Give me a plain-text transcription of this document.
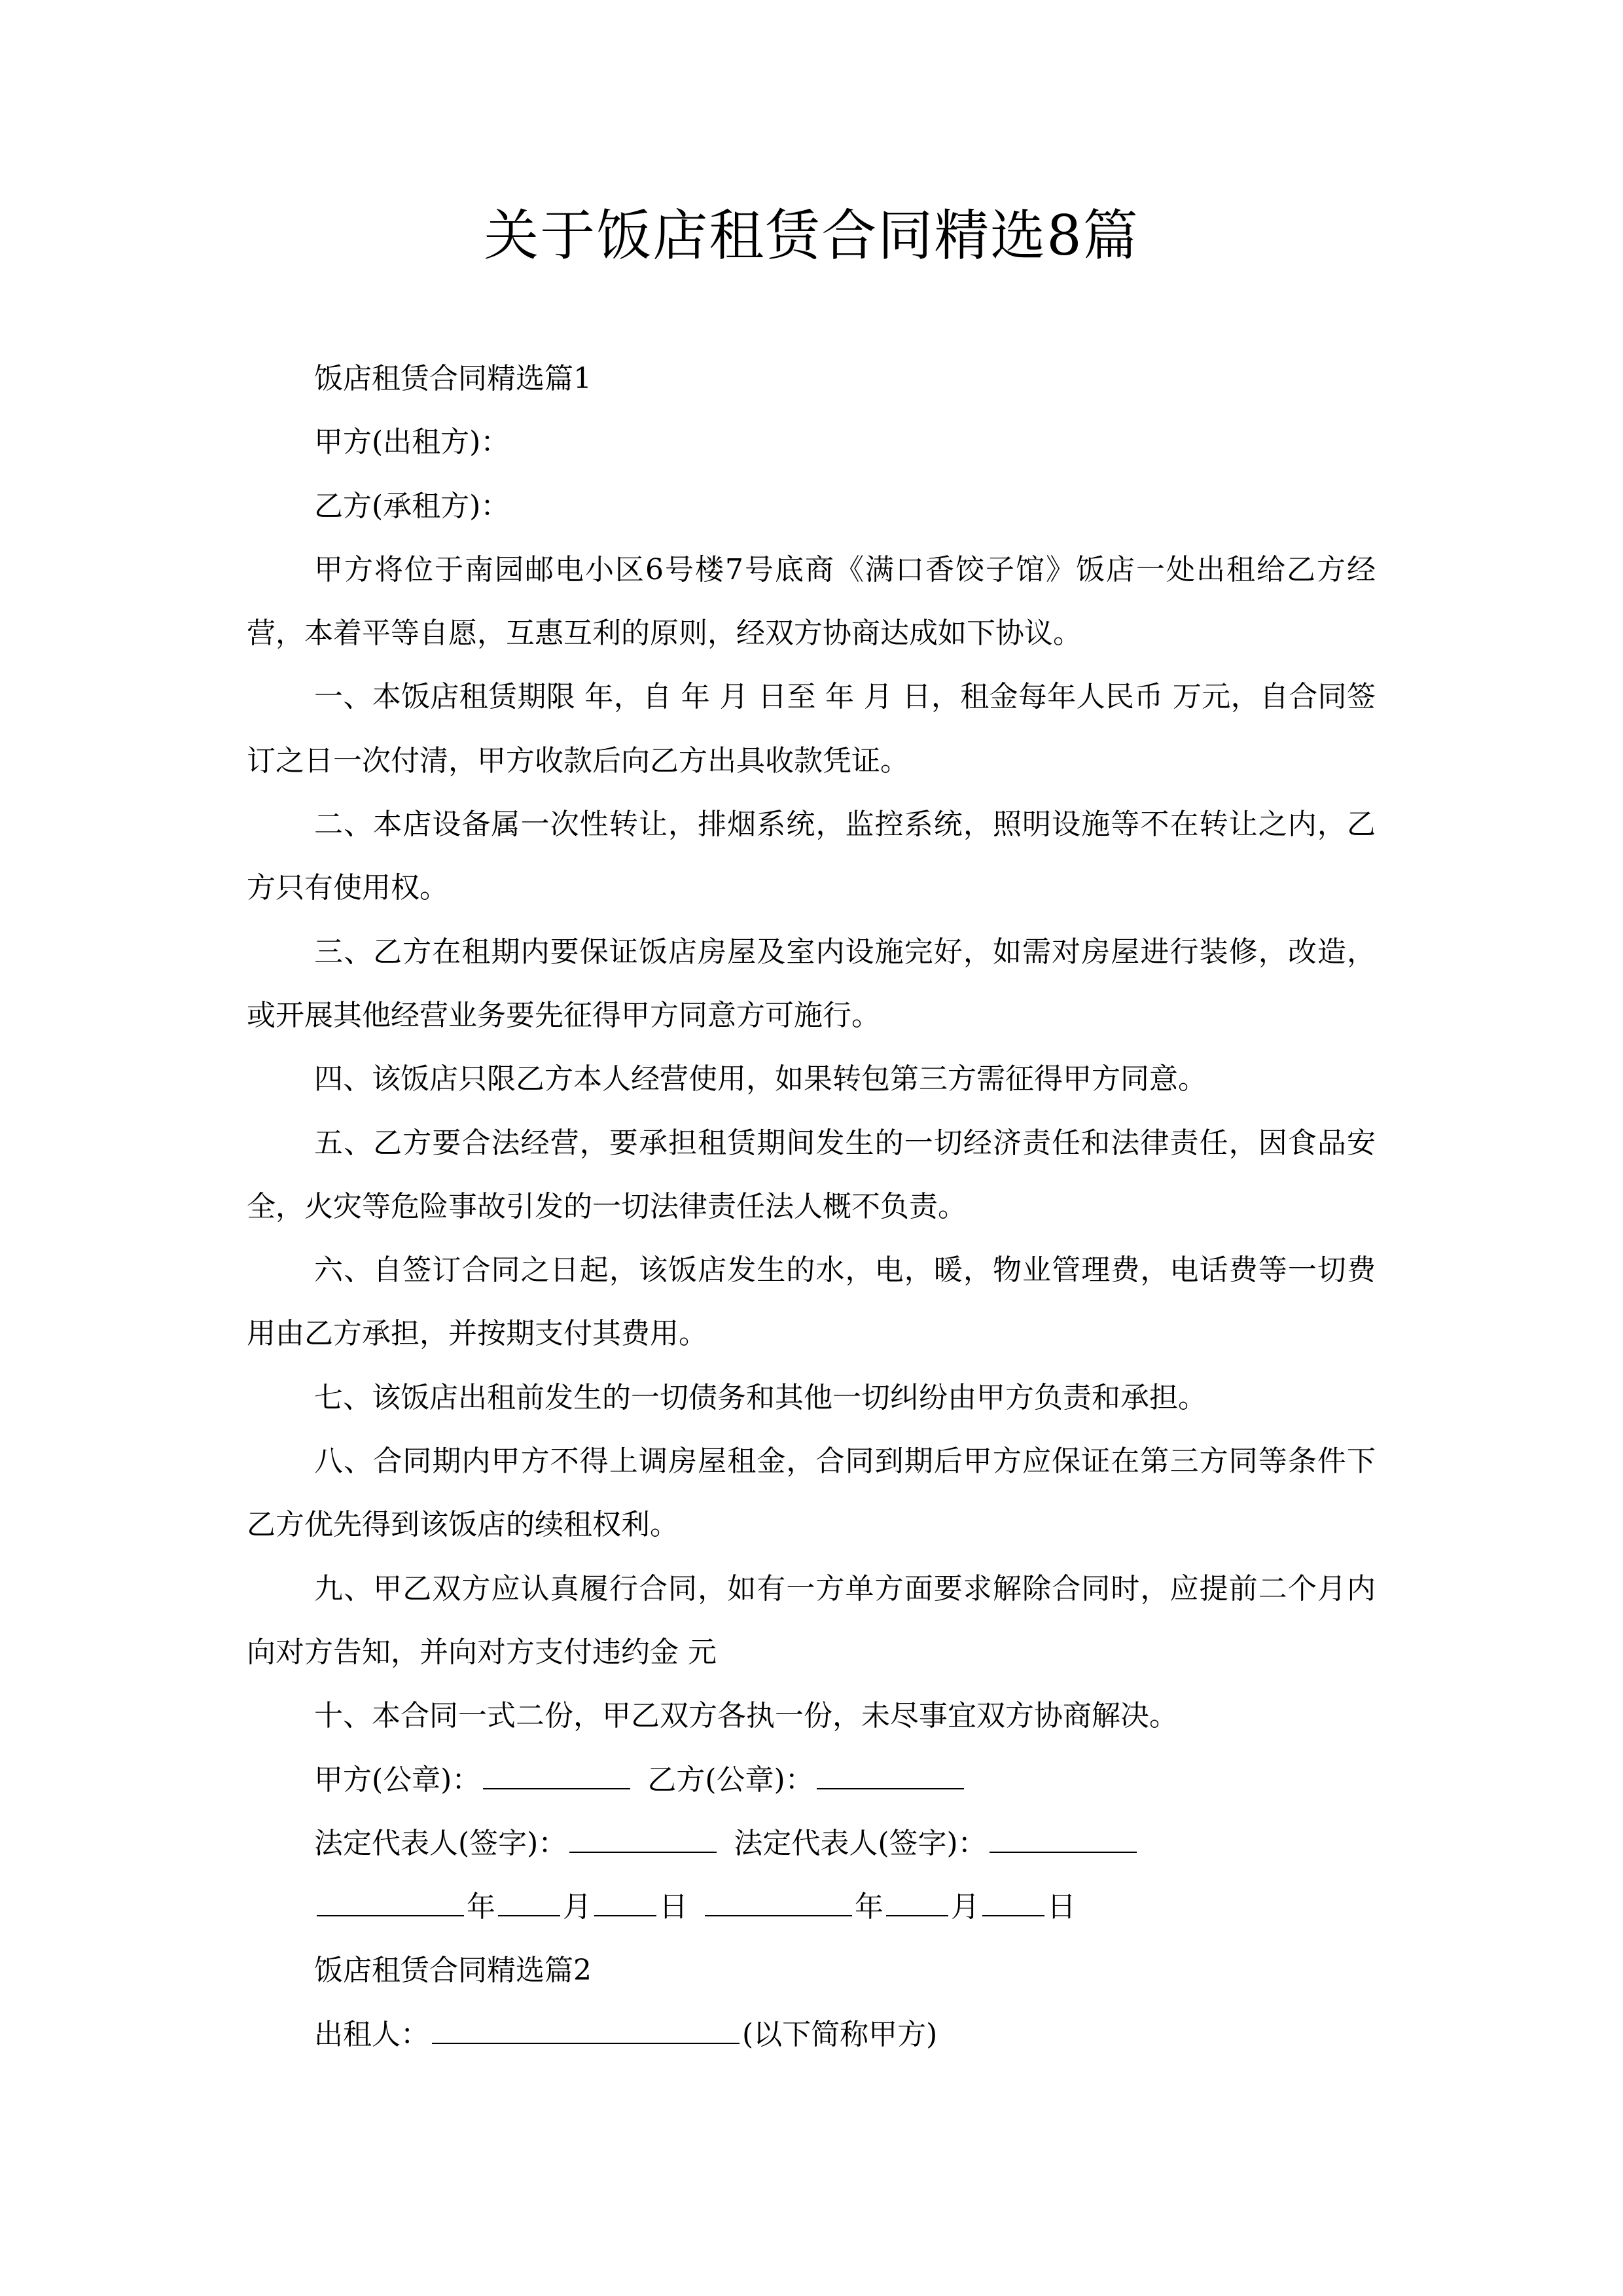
关于饭店租赁合同精选8篇

饭店租赁合同精选篇1

甲方(出租方)：

乙方(承租方)：

甲方将位于南园邮电小区6号楼7号底商《满口香饺子馆》饭店一处出租给乙方经营，本着平等自愿，互惠互利的原则，经双方协商达成如下协议。

一、本饭店租赁期限 年，自 年 月 日至 年 月 日，租金每年人民币 万元，自合同签订之日一次付清，甲方收款后向乙方出具收款凭证。

二、本店设备属一次性转让，排烟系统，监控系统，照明设施等不在转让之内，乙方只有使用权。

三、乙方在租期内要保证饭店房屋及室内设施完好，如需对房屋进行装修，改造，或开展其他经营业务要先征得甲方同意方可施行。

四、该饭店只限乙方本人经营使用，如果转包第三方需征得甲方同意。

五、乙方要合法经营，要承担租赁期间发生的一切经济责任和法律责任，因食品安全，火灾等危险事故引发的一切法律责任法人概不负责。

六、自签订合同之日起，该饭店发生的水，电，暖，物业管理费，电话费等一切费用由乙方承担，并按期支付其费用。

七、该饭店出租前发生的一切债务和其他一切纠纷由甲方负责和承担。

八、合同期内甲方不得上调房屋租金，合同到期后甲方应保证在第三方同等条件下乙方优先得到该饭店的续租权利。

九、甲乙双方应认真履行合同，如有一方单方面要求解除合同时，应提前二个月内向对方告知，并向对方支付违约金 元

十、本合同一式二份，甲乙双方各执一份，未尽事宜双方协商解决。

甲方(公章)：	乙方(公章)：

法定代表人(签字)：	法定代表人(签字)：

年 月 日	年 月 日

饭店租赁合同精选篇2

出租人：	(以下简称甲方)
